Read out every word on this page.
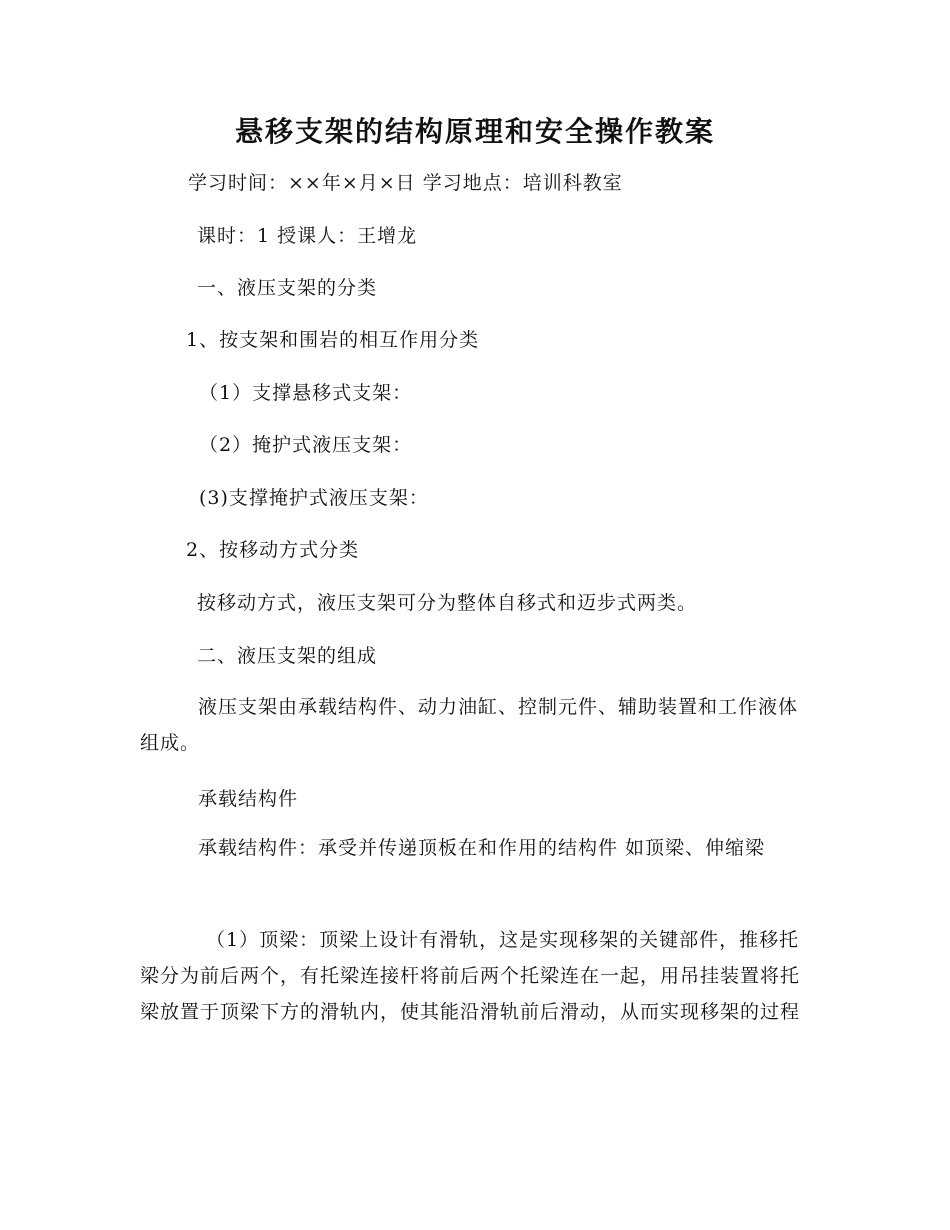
悬移支架的结构原理和安全操作教案
学习时间：××年×月×日 学习地点：培训科教室
课时：1 授课人：王增龙
一、液压支架的分类
1、按支架和围岩的相互作用分类
（1）支撑悬移式支架：
（2）掩护式液压支架：
(3)支撑掩护式液压支架：
2、按移动方式分类
按移动方式，液压支架可分为整体自移式和迈步式两类。
二、液压支架的组成
液压支架由承载结构件、动力油缸、控制元件、辅助装置和工作液体组成。
承载结构件
承载结构件：承受并传递顶板在和作用的结构件 如顶梁、伸缩梁
（1）顶梁：顶梁上设计有滑轨，这是实现移架的关键部件，推移托梁分为前后两个，有托梁连接杆将前后两个托梁连在一起，用吊挂装置将托梁放置于顶梁下方的滑轨内，使其能沿滑轨前后滑动，从而实现移架的过程
